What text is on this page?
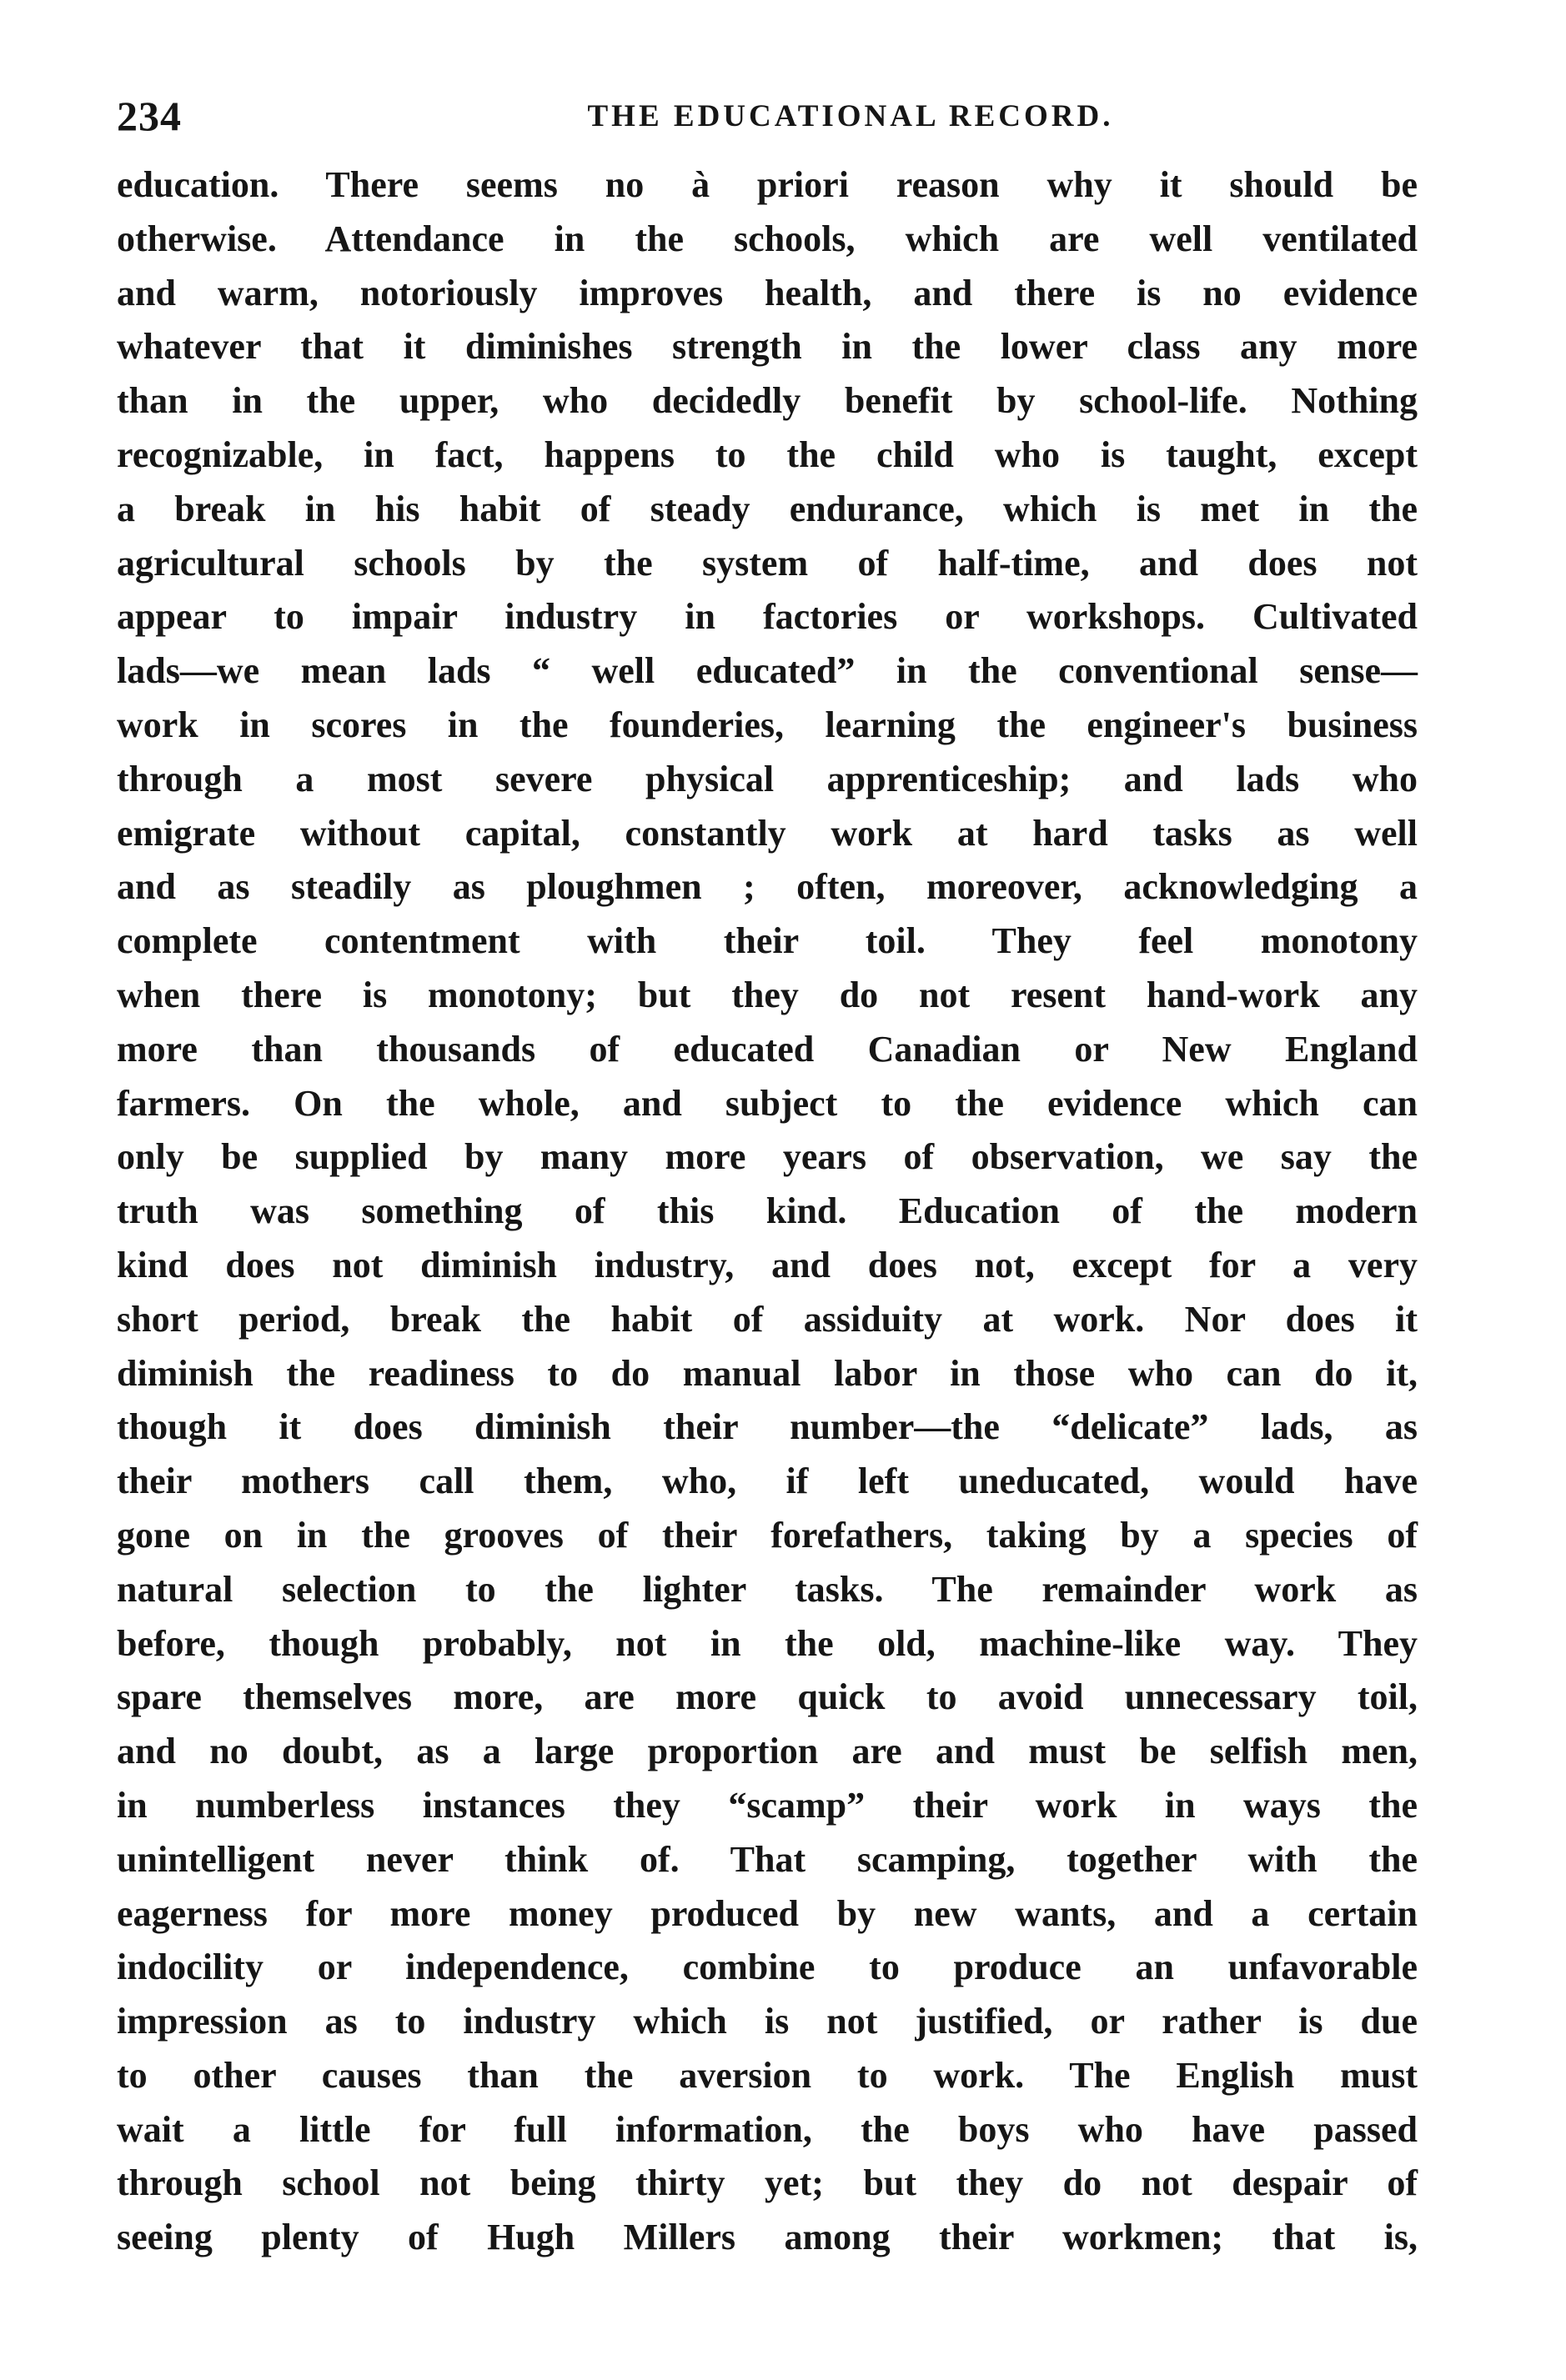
234	THE EDUCATIONAL RECORD.
education. There seems no à priori reason why it should be
otherwise. Attendance in the schools, which are well ventilated
and warm, notoriously improves health, and there is no evidence
whatever that it diminishes strength in the lower class any more
than in the upper, who decidedly benefit by school-life. Nothing
recognizable, in fact, happens to the child who is taught, except
a break in his habit of steady endurance, which is met in the
agricultural schools by the system of half-time, and does not
appear to impair industry in factories or workshops. Cultivated
lads—we mean lads “ well educated” in the conventional sense—
work in scores in the founderies, learning the engineer's business
through a most severe physical apprenticeship; and lads who
emigrate without capital, constantly work at hard tasks as well
and as steadily as ploughmen ; often, moreover, acknowledging a
complete contentment with their toil. They feel monotony
when there is monotony; but they do not resent hand-work any
more than thousands of educated Canadian or New England
farmers. On the whole, and subject to the evidence which can
only be supplied by many more years of observation, we say the
truth was something of this kind. Education of the modern
kind does not diminish industry, and does not, except for a very
short period, break the habit of assiduity at work. Nor does it
diminish the readiness to do manual labor in those who can do it,
though it does diminish their number—the “delicate” lads, as
their mothers call them, who, if left uneducated, would have
gone on in the grooves of their forefathers, taking by a species of
natural selection to the lighter tasks. The remainder work as
before, though probably, not in the old, machine-like way. They
spare themselves more, are more quick to avoid unnecessary toil,
and no doubt, as a large proportion are and must be selfish men,
in numberless instances they “scamp” their work in ways the
unintelligent never think of. That scamping, together with the
eagerness for more money produced by new wants, and a certain
indocility or independence, combine to produce an unfavorable
impression as to industry which is not justified, or rather is due
to other causes than the aversion to work. The English must
wait a little for full information, the boys who have passed
through school not being thirty yet; but they do not despair of
seeing plenty of Hugh Millers among their workmen; that is,
